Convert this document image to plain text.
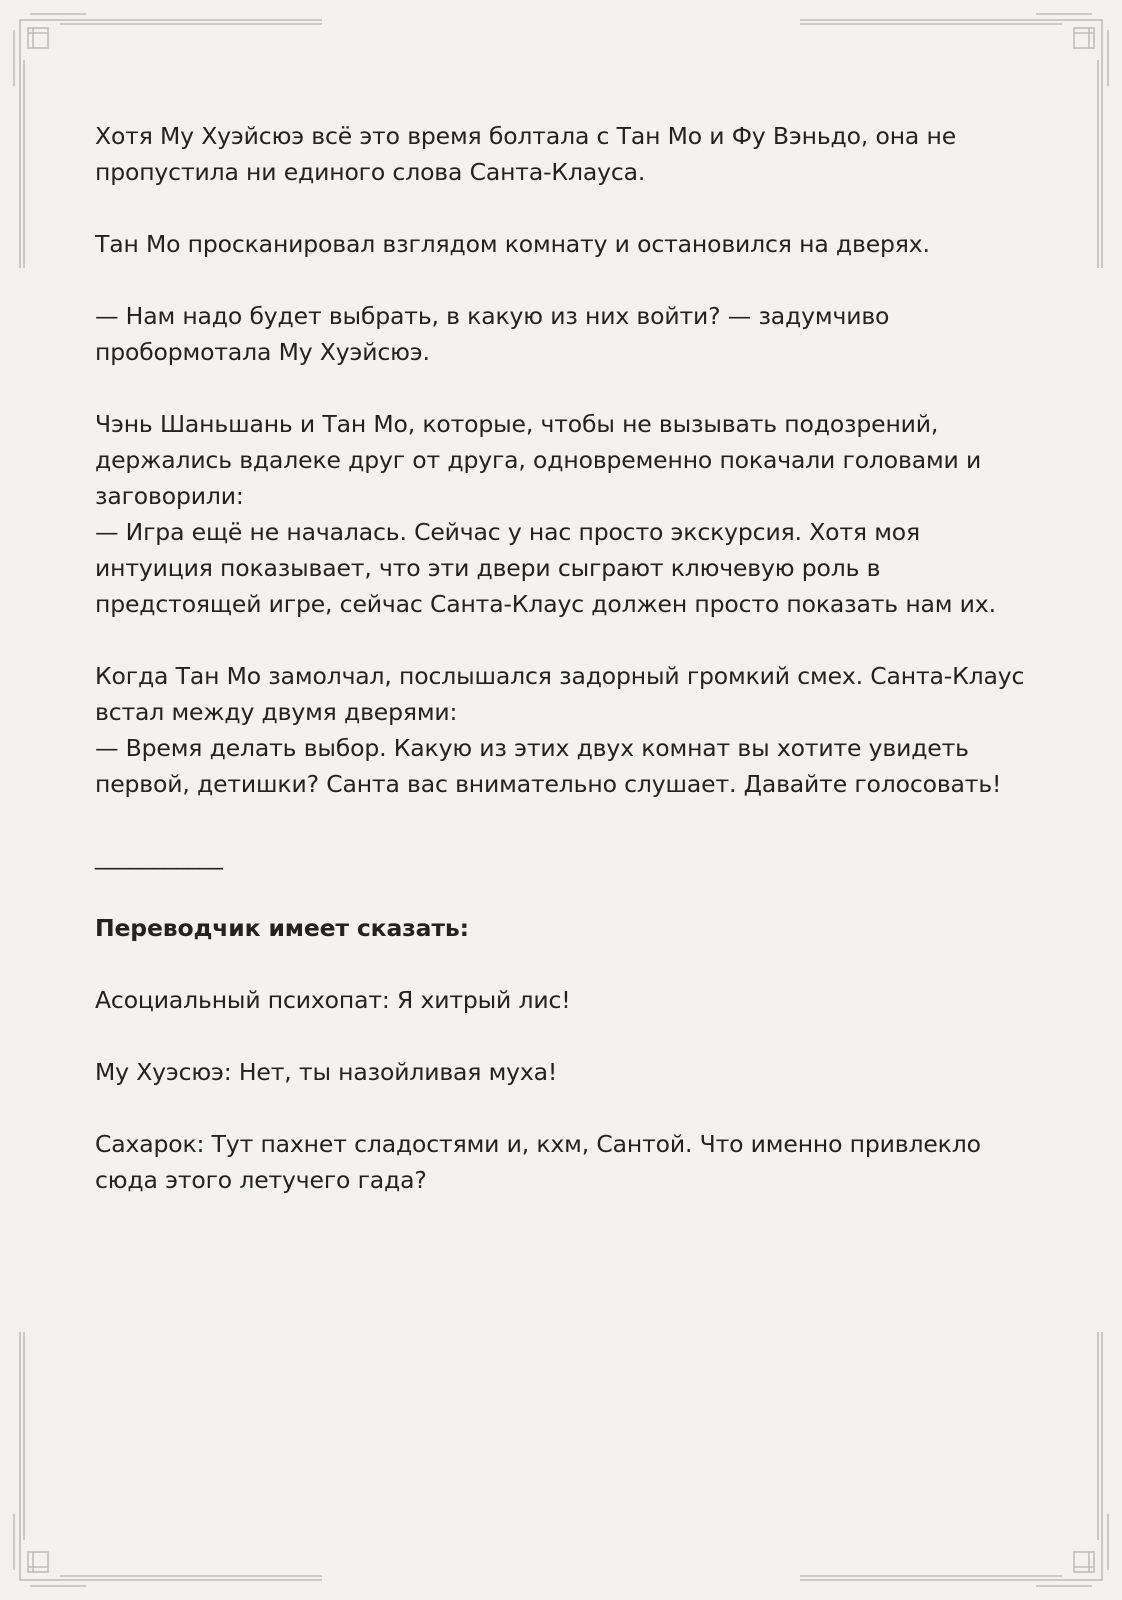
Хотя Му Хуэйсюэ всё это время болтала с Тан Мо и Фу Вэньдо, она не
пропустила ни единого слова Санта-Клауса.

Тан Мо просканировал взглядом комнату и остановился на дверях.

— Нам надо будет выбрать, в какую из них войти? — задумчиво
пробормотала Му Хуэйсюэ.

Чэнь Шаньшань и Тан Мо, которые, чтобы не вызывать подозрений,
держались вдалеке друг от друга, одновременно покачали головами и
заговорили:

— Игра ещё не началась. Сейчас у нас просто экскурсия. Хотя моя
интуиция показывает, что эти двери сыграют ключевую роль в
предстоящей игре, сейчас Санта-Клаус должен просто показать нам их.

Когда Тан Мо замолчал, послышался задорный громкий смех. Санта-Клаус
встал между двумя дверями:

— Время делать выбор. Какую из этих двух комнат вы хотите увидеть
первой, детишки? Санта вас внимательно слушает. Давайте голосовать!

___________

Переводчик имеет сказать:

Асоциальный психопат: Я хитрый лис!

Му Хуэсюэ: Нет, ты назойливая муха!

Сахарок: Тут пахнет сладостями и, кхм, Сантой. Что именно привлекло
сюда этого летучего гада?
